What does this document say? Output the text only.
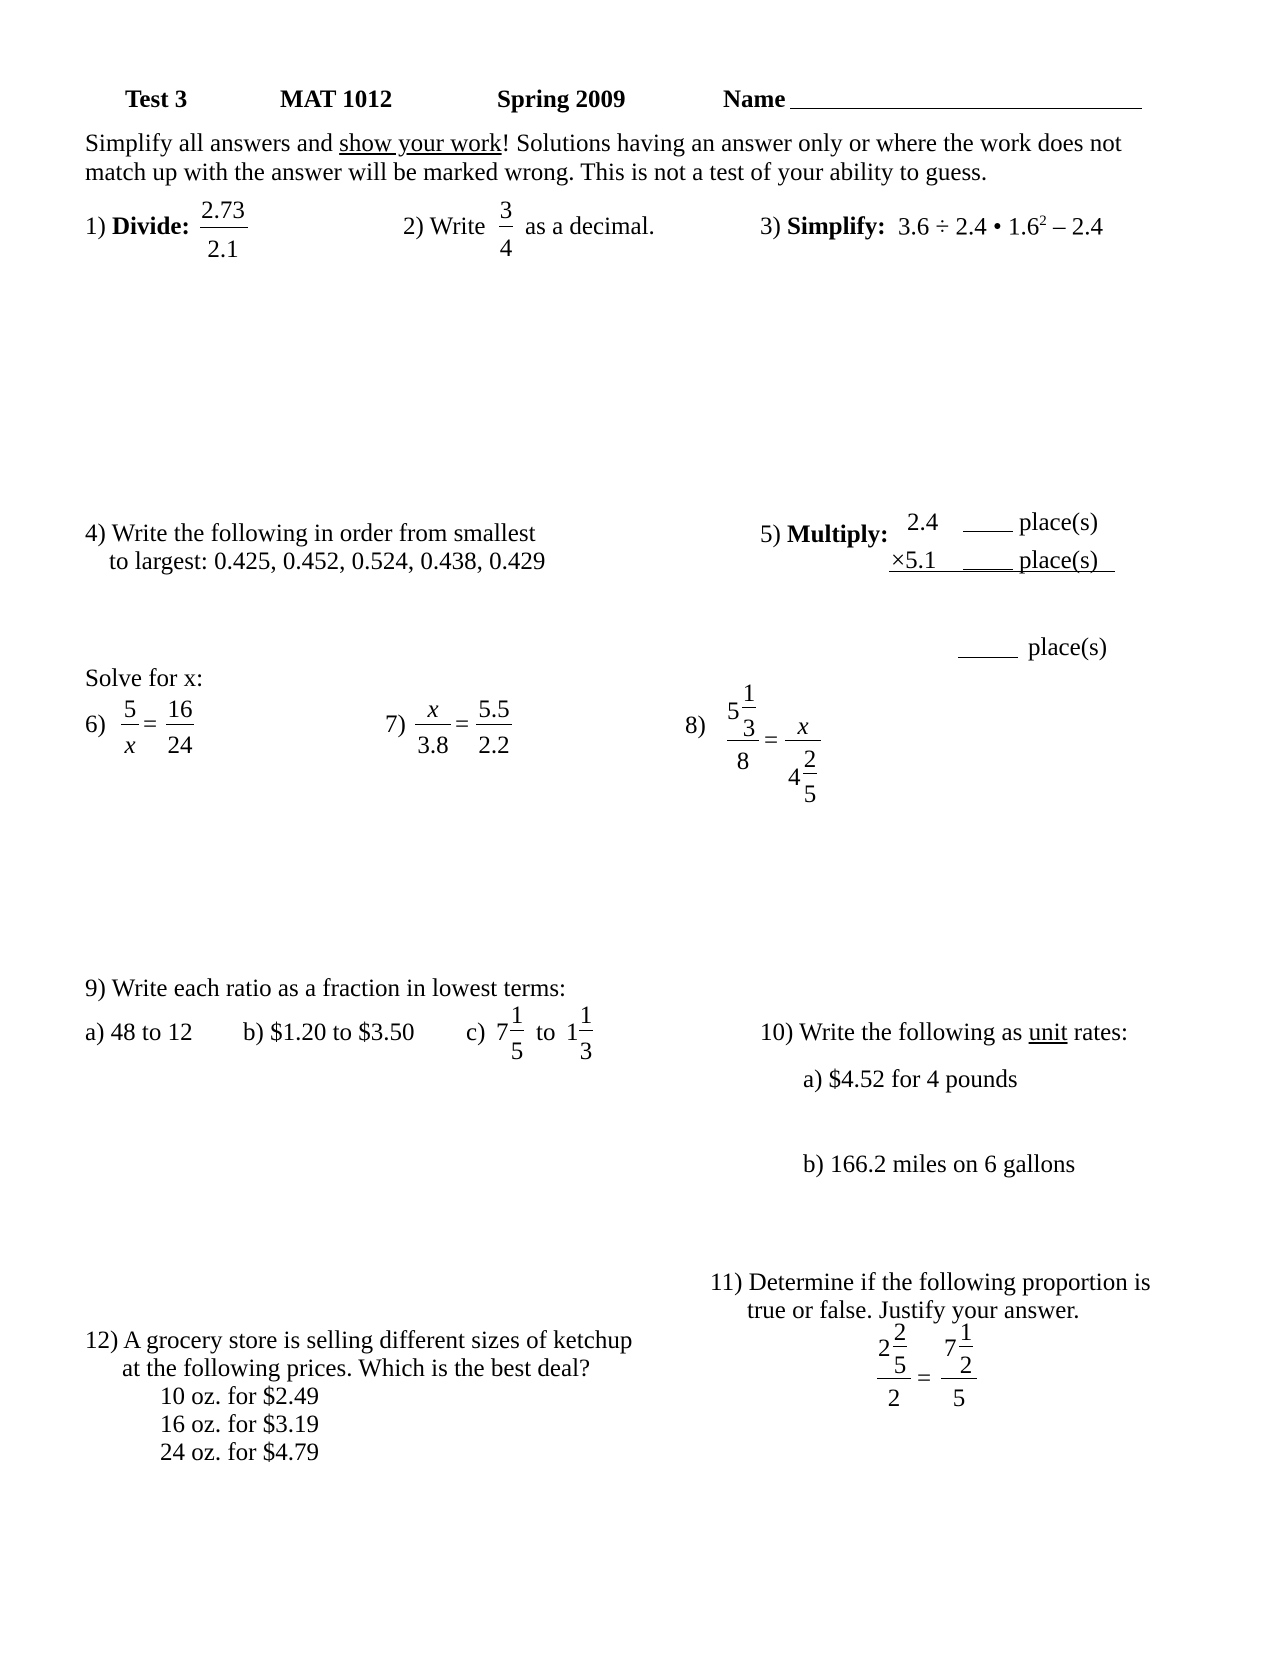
Test 3	MAT 1012	Spring 2009	Name
Simplify all answers and show your work! Solutions having an answer only or where the work does not
match up with the answer will be marked wrong. This is not a test of your ability to guess.
1) Divide:
2.73
2.1
2) Write
3
4
as a decimal.	3) Simplify: 3.6 ÷ 2.4 • $1.6^2 - 2.4$
4) Write the following in order from smallest
to largest: 0.425, 0.452, 0.524, 0.438, 0.429
5) Multiply: 2.4
×5.1
place(s)
place(s)
place(s)
Solve for x:
6)
5
x
=
16
24
7)
x
3.8
=
5.5
2.2
8)
5
1
3
8
=
x
4
2
5
9) Write each ratio as a fraction in lowest terms:
a) 48 to 12 b) $1.20 to $3.50 c) 7
1
5
to 1
1
3
10) Write the following as unit rates:
a) $4.52 for 4 pounds
b) 166.2 miles on 6 gallons
11) Determine if the following proportion is
true or false. Justify your answer.
2
2
5
2
=
7
1
2
5
12) A grocery store is selling different sizes of ketchup
at the following prices. Which is the best deal?
10 oz. for $2.49
16 oz. for $3.19
24 oz. for $4.79
